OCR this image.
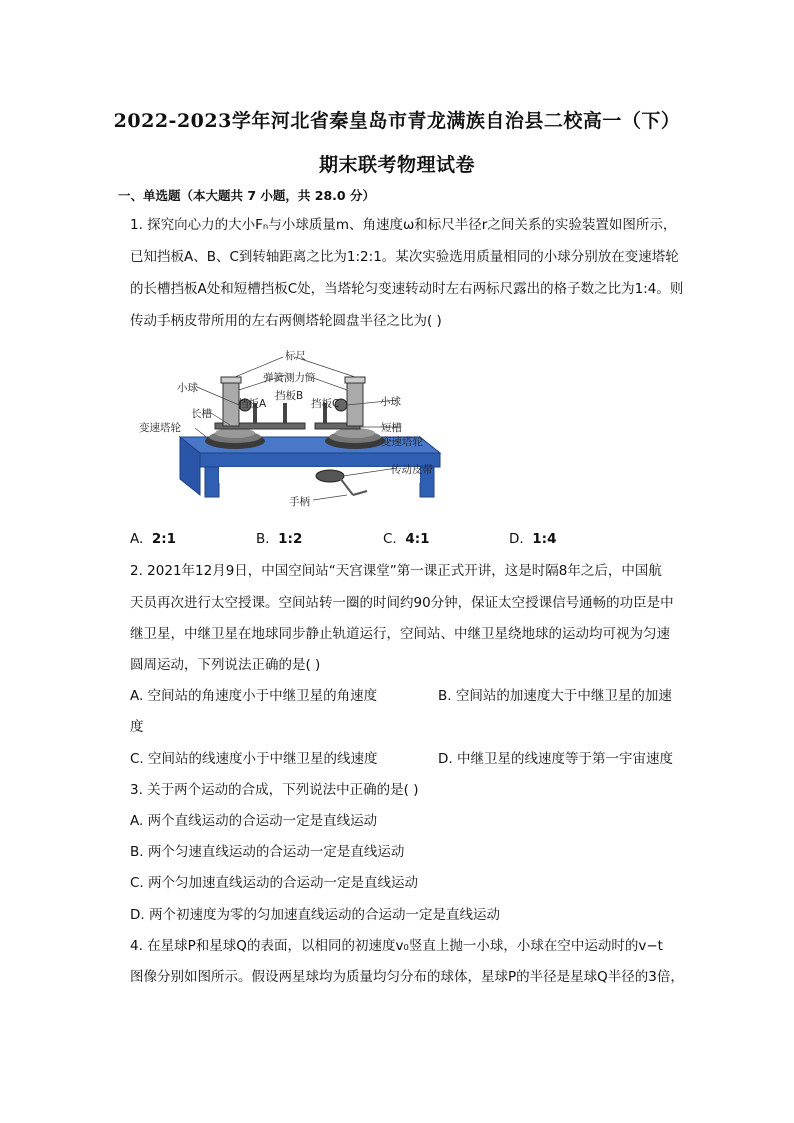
2022-2023学年河北省秦皇岛市青龙满族自治县二校高一（下）
期末联考物理试卷
一、单选题（本大题共 7 小题，共 28.0 分）
1. 探究向心力的大小Fₙ与小球质量m、角速度ω和标尺半径r之间关系的实验装置如图所示，
已知挡板A、B、C到转轴距离之比为1:2:1。某次实验选用质量相同的小球分别放在变速塔轮
的长槽挡板A处和短槽挡板C处，当塔轮匀变速转动时左右两标尺露出的格子数之比为1:4。则
传动手柄皮带所用的左右两侧塔轮圆盘半径之比为( )
标尺
小球
弹簧测力筒
挡板A
挡板B
挡板C	小球
长槽
变速塔轮	短槽
变速塔轮
传动皮带
手柄
A. 2:1	B. 1:2	C. 4:1	D. 1:4
2. 2021年12月9日，中国空间站“天宫课堂”第一课正式开讲，这是时隔8年之后，中国航
天员再次进行太空授课。空间站转一圈的时间约90分钟，保证太空授课信号通畅的功臣是中
继卫星，中继卫星在地球同步静止轨道运行，空间站、中继卫星绕地球的运动均可视为匀速
圆周运动，下列说法正确的是( )
A. 空间站的角速度小于中继卫星的角速度	B. 空间站的加速度大于中继卫星的加速
度
C. 空间站的线速度小于中继卫星的线速度	D. 中继卫星的线速度等于第一宇宙速度
3. 关于两个运动的合成，下列说法中正确的是( )
A. 两个直线运动的合运动一定是直线运动
B. 两个匀速直线运动的合运动一定是直线运动
C. 两个匀加速直线运动的合运动一定是直线运动
D. 两个初速度为零的匀加速直线运动的合运动一定是直线运动
4. 在星球P和星球Q的表面，以相同的初速度v₀竖直上抛一小球，小球在空中运动时的v−t
图像分别如图所示。假设两星球均为质量均匀分布的球体，星球P的半径是星球Q半径的3倍，
